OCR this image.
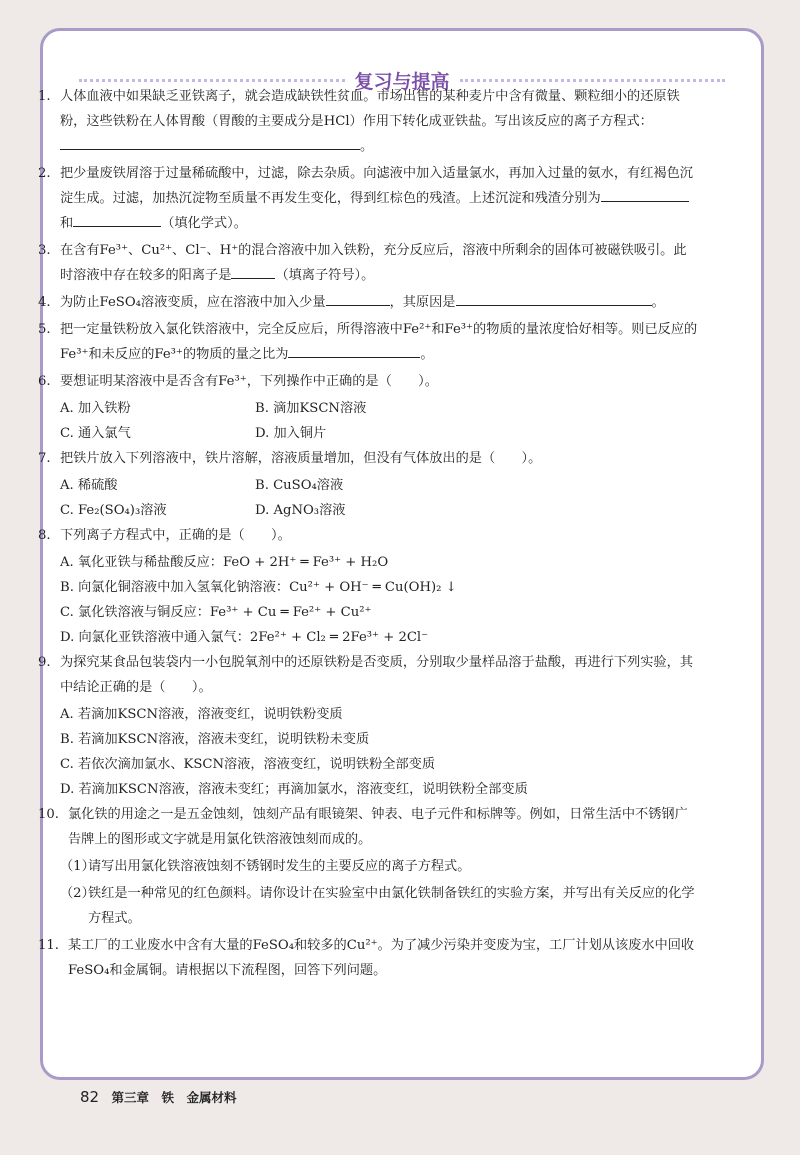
复习与提高
1. 人体血液中如果缺乏亚铁离子，就会造成缺铁性贫血。市场出售的某种麦片中含有微量、颗粒细小的还原铁粉，这些铁粉在人体胃酸（胃酸的主要成分是HCl）作用下转化成亚铁盐。写出该反应的离子方程式：。
2. 把少量废铁屑溶于过量稀硫酸中，过滤，除去杂质。向滤液中加入适量氯水，再加入过量的氨水，有红褐色沉淀生成。过滤，加热沉淀物至质量不再发生变化，得到红棕色的残渣。上述沉淀和残渣分别为和	（填化学式）。
3. 在含有Fe³⁺、Cu²⁺、Cl⁻、H⁺的混合溶液中加入铁粉，充分反应后，溶液中所剩余的固体可被磁铁吸引。此时溶液中存在较多的阳离子是	（填离子符号）。
4. 为防止FeSO₄溶液变质，应在溶液中加入少量	，其原因是	。
5. 把一定量铁粉放入氯化铁溶液中，完全反应后，所得溶液中Fe²⁺和Fe³⁺的物质的量浓度恰好相等。则已反应的Fe³⁺和未反应的Fe³⁺的物质的量之比为	。
6. 要想证明某溶液中是否含有Fe³⁺，下列操作中正确的是（　　）。
A. 加入铁粉	B. 滴加KSCN溶液
C. 通入氯气	D. 加入铜片
7. 把铁片放入下列溶液中，铁片溶解，溶液质量增加，但没有气体放出的是（　　）。
A. 稀硫酸	B. CuSO₄溶液
C. Fe₂(SO₄)₃溶液	D. AgNO₃溶液
8. 下列离子方程式中，正确的是（　　）。
A. 氧化亚铁与稀盐酸反应：FeO + 2H⁺ ═ Fe³⁺ + H₂O
B. 向氯化铜溶液中加入氢氧化钠溶液：Cu²⁺ + OH⁻ ═ Cu(OH)₂ ↓
C. 氯化铁溶液与铜反应：Fe³⁺ + Cu ═ Fe²⁺ + Cu²⁺
D. 向氯化亚铁溶液中通入氯气：2Fe²⁺ + Cl₂ ═ 2Fe³⁺ + 2Cl⁻
9. 为探究某食品包装袋内一小包脱氧剂中的还原铁粉是否变质，分别取少量样品溶于盐酸，再进行下列实验，其中结论正确的是（　　）。
A. 若滴加KSCN溶液，溶液变红，说明铁粉变质
B. 若滴加KSCN溶液，溶液未变红，说明铁粉未变质
C. 若依次滴加氯水、KSCN溶液，溶液变红，说明铁粉全部变质
D. 若滴加KSCN溶液，溶液未变红；再滴加氯水，溶液变红，说明铁粉全部变质
10. 氯化铁的用途之一是五金蚀刻，蚀刻产品有眼镜架、钟表、电子元件和标牌等。例如，日常生活中不锈钢广告牌上的图形或文字就是用氯化铁溶液蚀刻而成的。
（1）
请写出用氯化铁溶液蚀刻不锈钢时发生的主要反应的离子方程式。
（2）
铁红是一种常见的红色颜料。请你设计在实验室中由氯化铁制备铁红的实验方案，并写出有关反应的化学方程式。
11. 某工厂的工业废水中含有大量的FeSO₄和较多的Cu²⁺。为了减少污染并变废为宝，工厂计划从该废水中回收FeSO₄和金属铜。请根据以下流程图，回答下列问题。
82 第三章　铁　金属材料
